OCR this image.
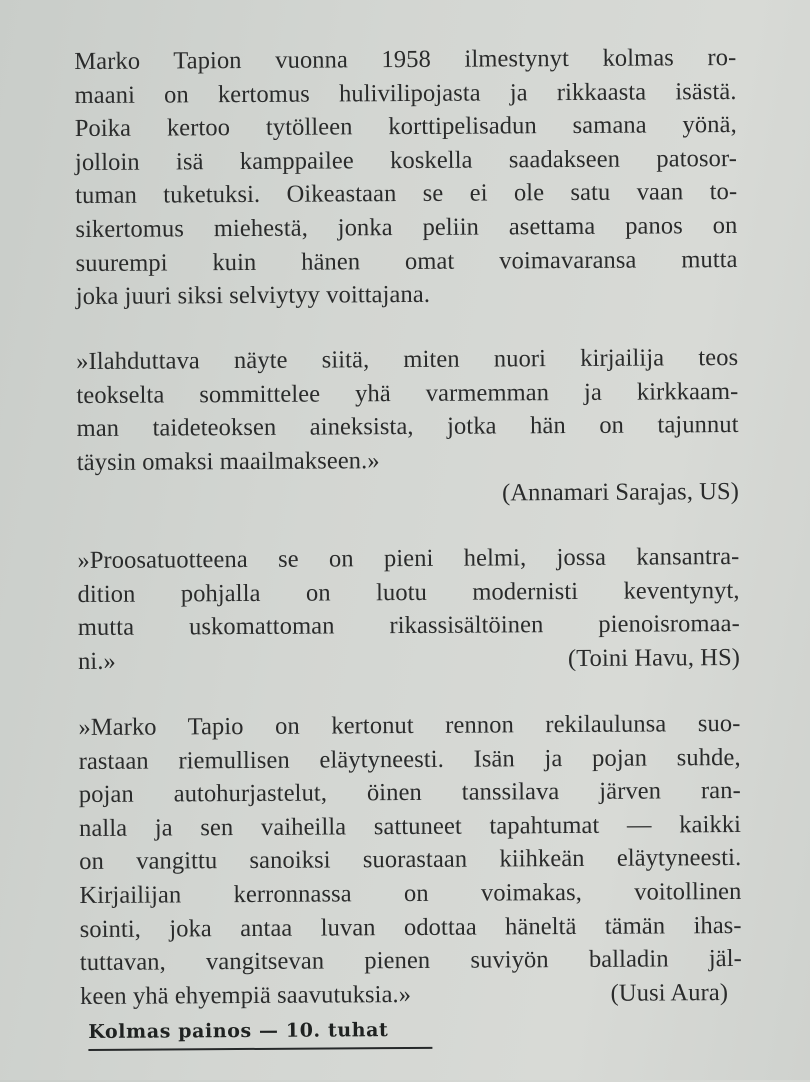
Marko Tapion vuonna 1958 ilmestynyt kolmas ro-
maani on kertomus hulivilipojasta ja rikkaasta isästä.
Poika kertoo tytölleen korttipelisadun samana yönä,
jolloin isä kamppailee koskella saadakseen patosor-
tuman tuketuksi. Oikeastaan se ei ole satu vaan to-
sikertomus miehestä, jonka peliin asettama panos on
suurempi kuin hänen omat voimavaransa mutta
joka juuri siksi selviytyy voittajana.
»Ilahduttava näyte siitä, miten nuori kirjailija teos
teokselta sommittelee yhä varmemman ja kirkkaam-
man taideteoksen aineksista, jotka hän on tajunnut
täysin omaksi maailmakseen.»
(Annamari Sarajas, US)
»Proosatuotteena se on pieni helmi, jossa kansantra-
dition pohjalla on luotu modernisti keventynyt,
mutta uskomattoman rikassisältöinen pienoisromaa-
ni.»	(Toini Havu, HS)
»Marko Tapio on kertonut rennon rekilaulunsa suo-
rastaan riemullisen eläytyneesti. Isän ja pojan suhde,
pojan autohurjastelut, öinen tanssilava järven ran-
nalla ja sen vaiheilla sattuneet tapahtumat — kaikki
on vangittu sanoiksi suorastaan kiihkeän eläytyneesti.
Kirjailijan kerronnassa on voimakas, voitollinen
sointi, joka antaa luvan odottaa häneltä tämän ihas-
tuttavan, vangitsevan pienen suviyön balladin jäl-
keen yhä ehyempiä saavutuksia.»	(Uusi Aura)
Kolmas painos — 10. tuhat
